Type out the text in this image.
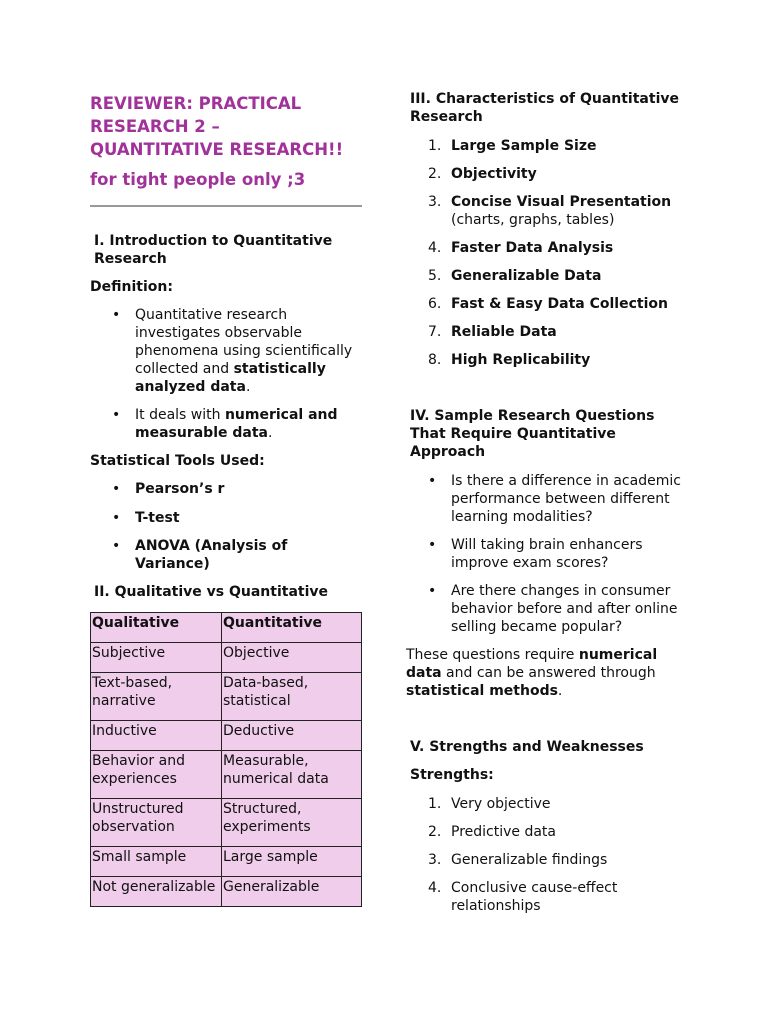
REVIEWER: PRACTICAL
RESEARCH 2 –
QUANTITATIVE RESEARCH!!
for tight people only ;3
I. Introduction to Quantitative Research
Definition:
• Quantitative research investigates observable phenomena using scientifically collected and statistically analyzed data.
• It deals with numerical and measurable data.
Statistical Tools Used:
• Pearson’s r
• T-test
• ANOVA (Analysis of Variance)
II. Qualitative vs Quantitative
Qualitative	Quantitative
Subjective	Objective
Text-based, narrative	Data-based, statistical
Inductive	Deductive
Behavior and experiences	Measurable, numerical data
Unstructured observation	Structured, experiments
Small sample	Large sample
Not generalizable	Generalizable
III. Characteristics of Quantitative Research
1. Large Sample Size
2. Objectivity
3. Concise Visual Presentation
(charts, graphs, tables)
4. Faster Data Analysis
5. Generalizable Data
6. Fast & Easy Data Collection
7. Reliable Data
8. High Replicability
IV. Sample Research Questions That Require Quantitative Approach
• Is there a difference in academic performance between different learning modalities?
• Will taking brain enhancers improve exam scores?
• Are there changes in consumer behavior before and after online selling became popular?
These questions require numerical data and can be answered through statistical methods.
V. Strengths and Weaknesses
Strengths:
1. Very objective
2. Predictive data
3. Generalizable findings
4. Conclusive cause-effect relationships
